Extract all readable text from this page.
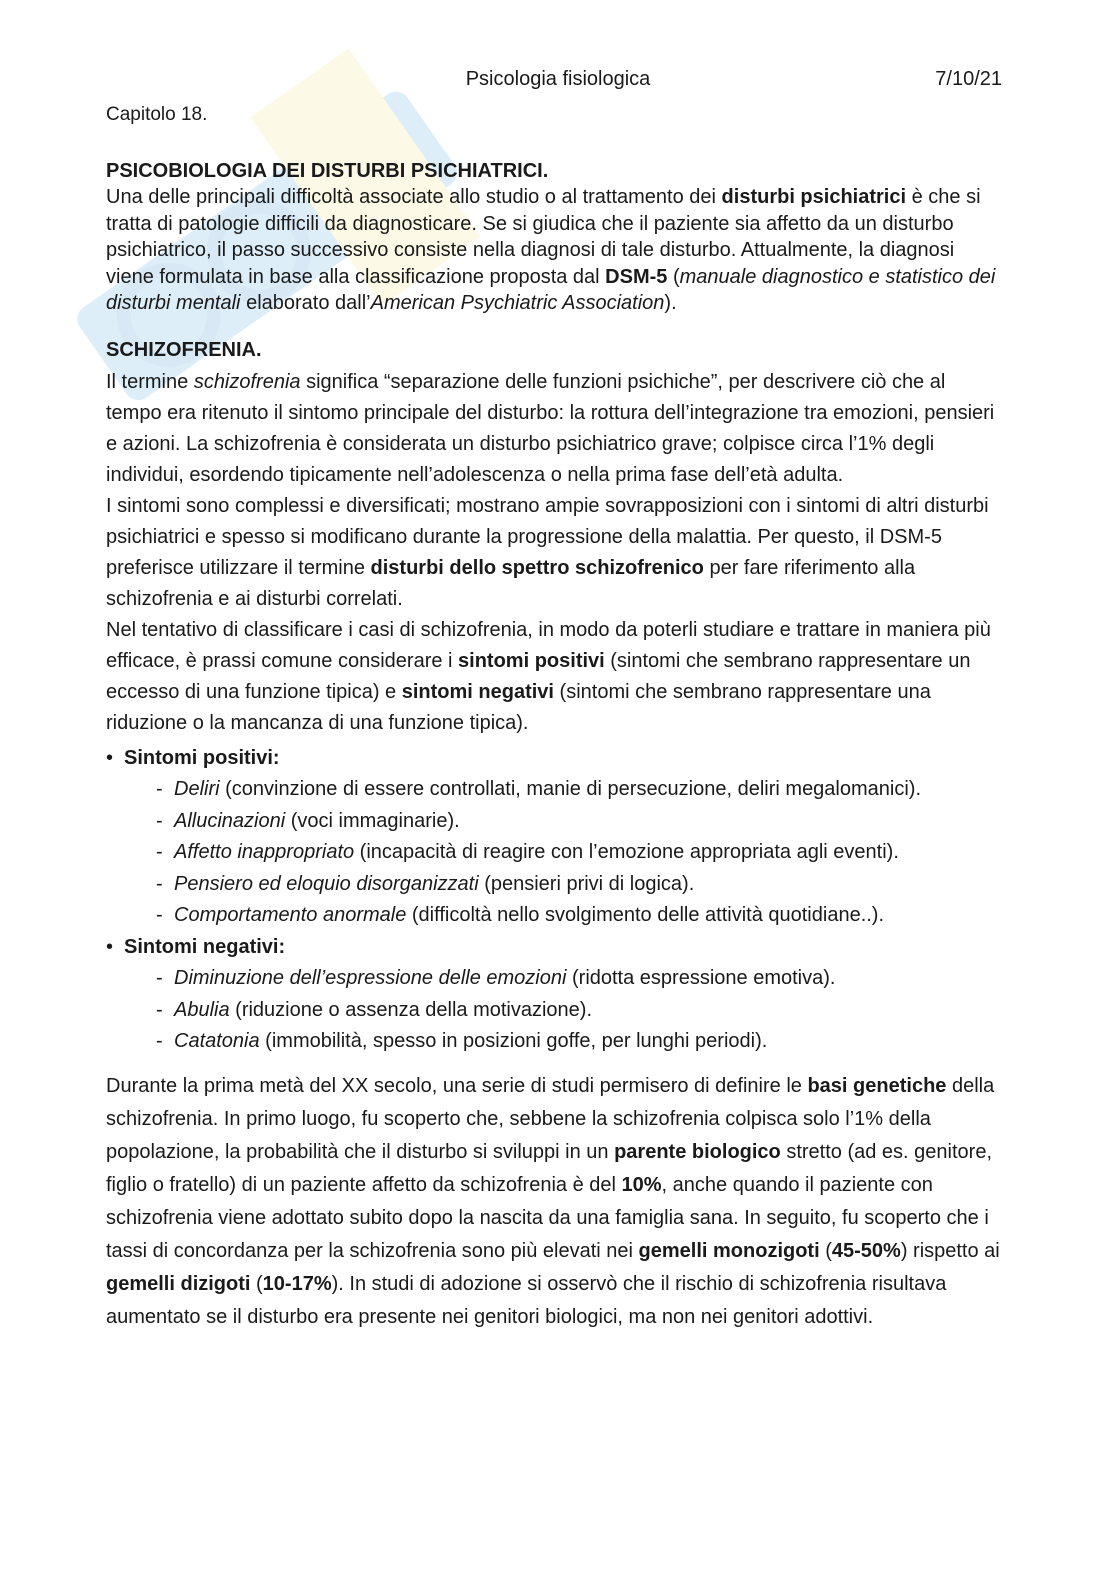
Psicologia fisiologica	7/10/21
Capitolo 18.

PSICOBIOLOGIA DEI DISTURBI PSICHIATRICI.

Una delle principali difficoltà associate allo studio o al trattamento dei disturbi psichiatrici è che si tratta di patologie difficili da diagnosticare. Se si giudica che il paziente sia affetto da un disturbo psichiatrico, il passo successivo consiste nella diagnosi di tale disturbo. Attualmente, la diagnosi viene formulata in base alla classificazione proposta dal DSM-5 (manuale diagnostico e statistico dei disturbi mentali elaborato dall’American Psychiatric Association).

SCHIZOFRENIA.

Il termine schizofrenia significa “separazione delle funzioni psichiche”, per descrivere ciò che al tempo era ritenuto il sintomo principale del disturbo: la rottura dell’integrazione tra emozioni, pensieri e azioni. La schizofrenia è considerata un disturbo psichiatrico grave; colpisce circa l’1% degli individui, esordendo tipicamente nell’adolescenza o nella prima fase dell’età adulta.

I sintomi sono complessi e diversificati; mostrano ampie sovrapposizioni con i sintomi di altri disturbi psichiatrici e spesso si modificano durante la progressione della malattia. Per questo, il DSM-5 preferisce utilizzare il termine disturbi dello spettro schizofrenico per fare riferimento alla schizofrenia e ai disturbi correlati.

Nel tentativo di classificare i casi di schizofrenia, in modo da poterli studiare e trattare in maniera più efficace, è prassi comune considerare i sintomi positivi (sintomi che sembrano rappresentare un eccesso di una funzione tipica) e sintomi negativi (sintomi che sembrano rappresentare una riduzione o la mancanza di una funzione tipica).

• Sintomi positivi:
- Deliri (convinzione di essere controllati, manie di persecuzione, deliri megalomanici).
- Allucinazioni (voci immaginarie).
- Affetto inappropriato (incapacità di reagire con l’emozione appropriata agli eventi).
- Pensiero ed eloquio disorganizzati (pensieri privi di logica).
- Comportamento anormale (difficoltà nello svolgimento delle attività quotidiane..).
• Sintomi negativi:
- Diminuzione dell’espressione delle emozioni (ridotta espressione emotiva).
- Abulia (riduzione o assenza della motivazione).
- Catatonia (immobilità, spesso in posizioni goffe, per lunghi periodi).

Durante la prima metà del XX secolo, una serie di studi permisero di definire le basi genetiche della schizofrenia. In primo luogo, fu scoperto che, sebbene la schizofrenia colpisca solo l’1% della popolazione, la probabilità che il disturbo si sviluppi in un parente biologico stretto (ad es. genitore, figlio o fratello) di un paziente affetto da schizofrenia è del 10%, anche quando il paziente con schizofrenia viene adottato subito dopo la nascita da una famiglia sana. In seguito, fu scoperto che i tassi di concordanza per la schizofrenia sono più elevati nei gemelli monozigoti (45-50%) rispetto ai gemelli dizigoti (10-17%). In studi di adozione si osservò che il rischio di schizofrenia risultava aumentato se il disturbo era presente nei genitori biologici, ma non nei genitori adottivi.
